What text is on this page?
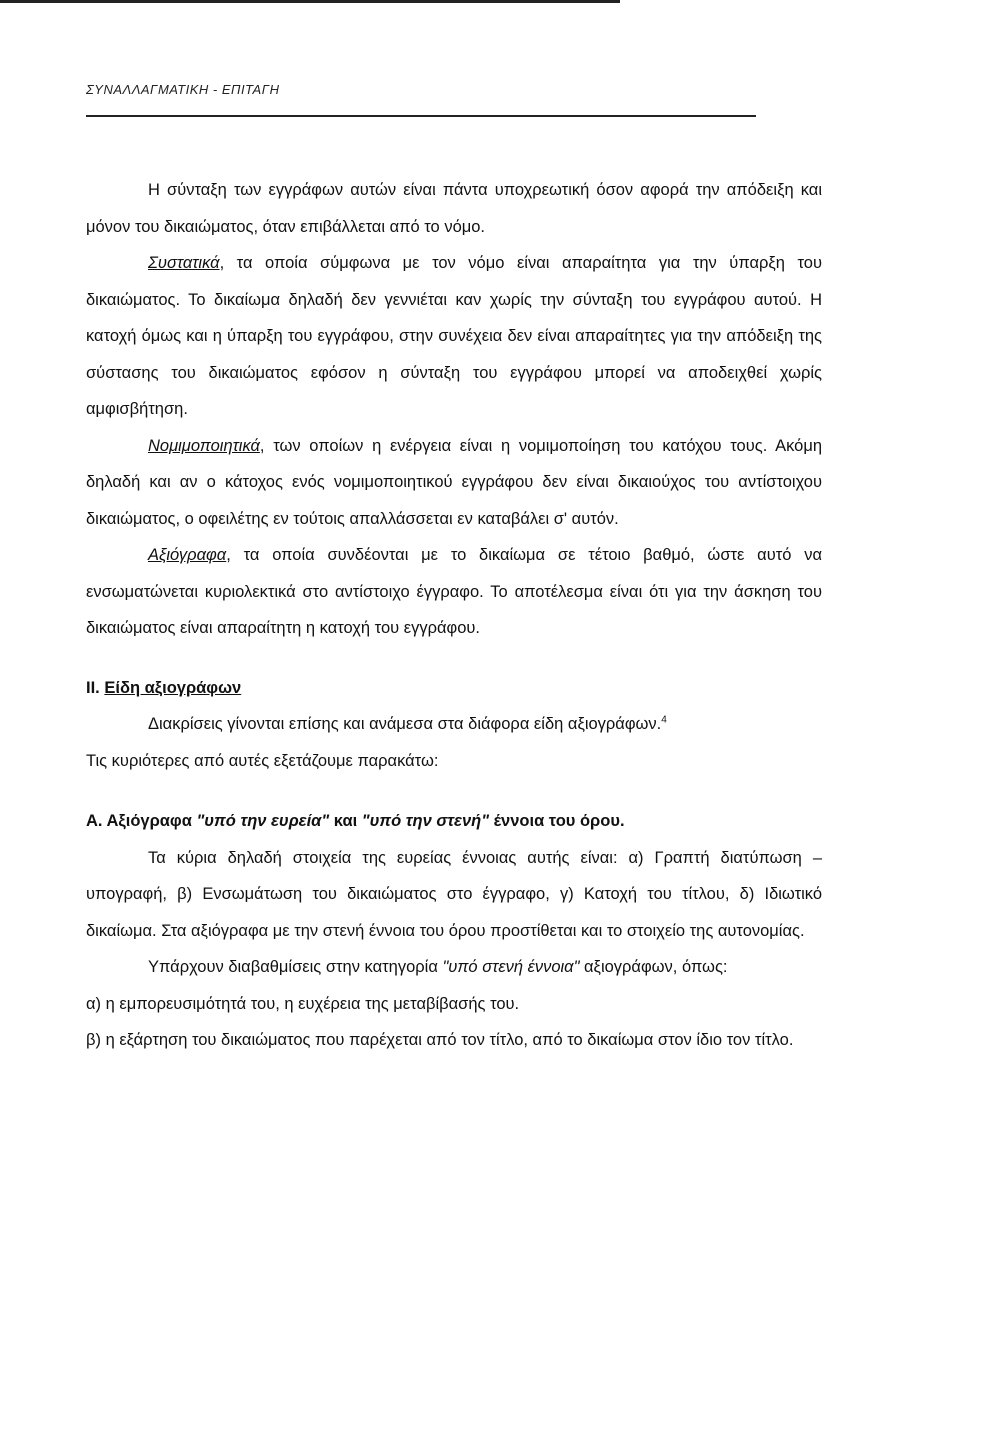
ΣΥΝΑΛΛΑΓΜΑΤΙΚΗ - ΕΠΙΤΑΓΗ

Η σύνταξη των εγγράφων αυτών είναι πάντα υποχρεωτική όσον αφορά την απόδειξη και μόνον του δικαιώματος, όταν επιβάλλεται από το νόμο.

Συστατικά, τα οποία σύμφωνα με τον νόμο είναι απαραίτητα για την ύπαρξη του δικαιώματος. Το δικαίωμα δηλαδή δεν γεννιέται καν χωρίς την σύνταξη του εγγράφου αυτού. Η κατοχή όμως και η ύπαρξη του εγγράφου, στην συνέχεια δεν είναι απαραίτητες για την απόδειξη της σύστασης του δικαιώματος εφόσον η σύνταξη του εγγράφου μπορεί να αποδειχθεί χωρίς αμφισβήτηση.

Νομιμοποιητικά, των οποίων η ενέργεια είναι η νομιμοποίηση του κατόχου τους. Ακόμη δηλαδή και αν ο κάτοχος ενός νομιμοποιητικού εγγράφου δεν είναι δικαιούχος του αντίστοιχου δικαιώματος, ο οφειλέτης εν τούτοις απαλλάσσεται εν καταβάλει σ' αυτόν.

Αξιόγραφα, τα οποία συνδέονται με το δικαίωμα σε τέτοιο βαθμό, ώστε αυτό να ενσωματώνεται κυριολεκτικά στο αντίστοιχο έγγραφο. Το αποτέλεσμα είναι ότι για την άσκηση του δικαιώματος είναι απαραίτητη η κατοχή του εγγράφου.

ΙΙ. Είδη αξιογράφων

Διακρίσεις γίνονται επίσης και ανάμεσα στα διάφορα είδη αξιογράφων.$^4$

Τις κυριότερες από αυτές εξετάζουμε παρακάτω:

Α. Αξιόγραφα "υπό την ευρεία" και "υπό την στενή" έννοια του όρου.

Τα κύρια δηλαδή στοιχεία της ευρείας έννοιας αυτής είναι: α) Γραπτή διατύπωση – υπογραφή, β) Ενσωμάτωση του δικαιώματος στο έγγραφο, γ) Κατοχή του τίτλου, δ) Ιδιωτικό δικαίωμα. Στα αξιόγραφα με την στενή έννοια του όρου προστίθεται και το στοιχείο της αυτονομίας.

Υπάρχουν διαβαθμίσεις στην κατηγορία "υπό στενή έννοια" αξιογράφων, όπως:

α) η εμπορευσιμότητά του, η ευχέρεια της μεταβίβασής του.

β) η εξάρτηση του δικαιώματος που παρέχεται από τον τίτλο, από το δικαίωμα στον ίδιο τον τίτλο.
